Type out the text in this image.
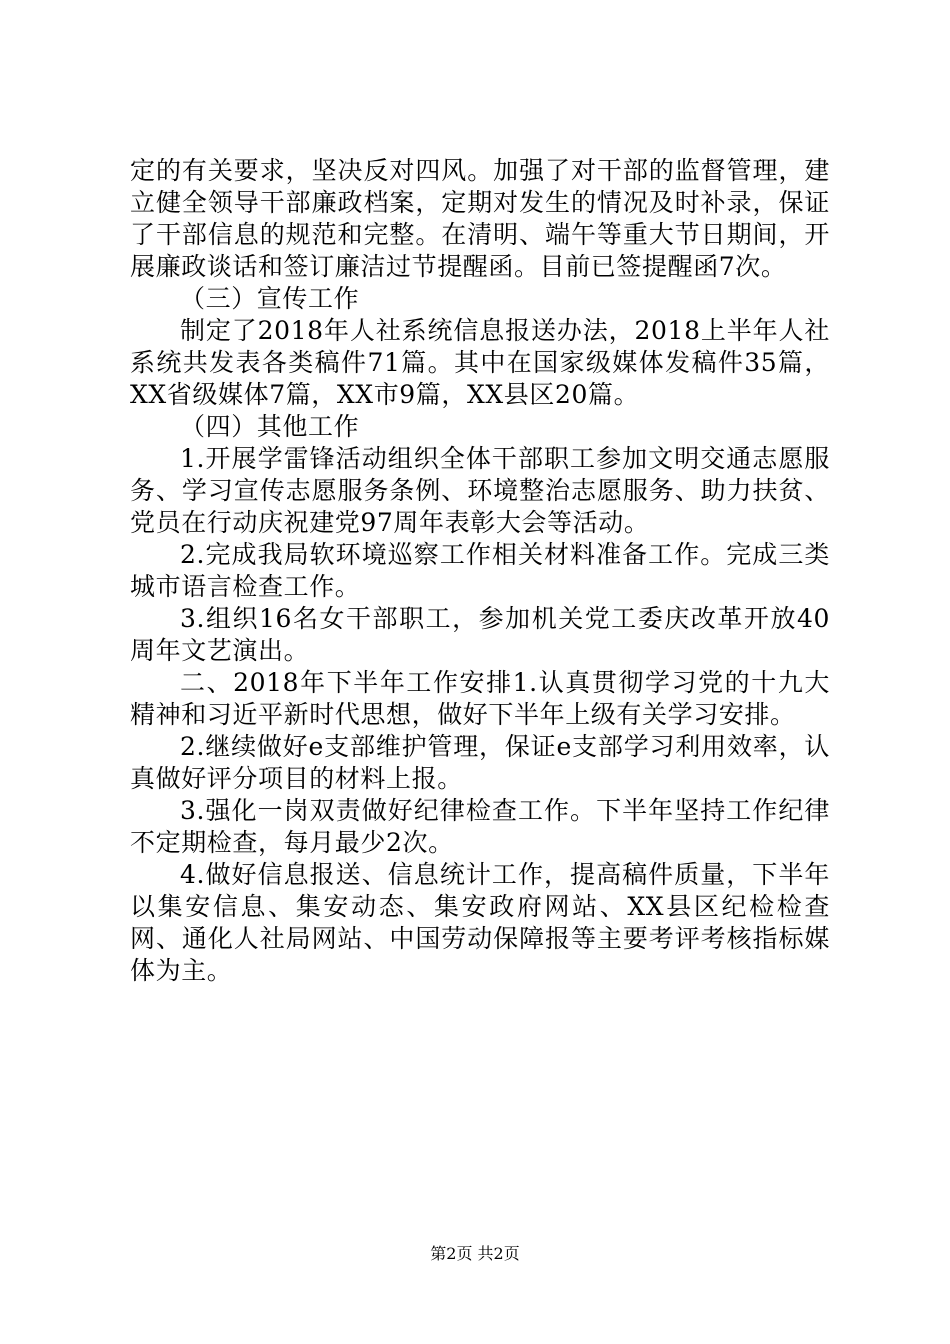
定的有关要求，坚决反对四风。加强了对干部的监督管理，建立健全领导干部廉政档案，定期对发生的情况及时补录，保证了干部信息的规范和完整。在清明、端午等重大节日期间，开展廉政谈话和签订廉洁过节提醒函。目前已签提醒函7次。

（三）宣传工作

制定了2018年人社系统信息报送办法，2018上半年人社系统共发表各类稿件71篇。其中在国家级媒体发稿件35篇，XX省级媒体7篇，XX市9篇，XX县区20篇。

（四）其他工作

1.开展学雷锋活动组织全体干部职工参加文明交通志愿服务、学习宣传志愿服务条例、环境整治志愿服务、助力扶贫、党员在行动庆祝建党97周年表彰大会等活动。

2.完成我局软环境巡察工作相关材料准备工作。完成三类城市语言检查工作。

3.组织16名女干部职工，参加机关党工委庆改革开放40周年文艺演出。

二、2018年下半年工作安排1.认真贯彻学习党的十九大精神和习近平新时代思想，做好下半年上级有关学习安排。

2.继续做好e支部维护管理，保证e支部学习利用效率，认真做好评分项目的材料上报。

3.强化一岗双责做好纪律检查工作。下半年坚持工作纪律不定期检查，每月最少2次。

4.做好信息报送、信息统计工作，提高稿件质量，下半年以集安信息、集安动态、集安政府网站、XX县区纪检检查网、通化人社局网站、中国劳动保障报等主要考评考核指标媒体为主。

第2页 共2页
